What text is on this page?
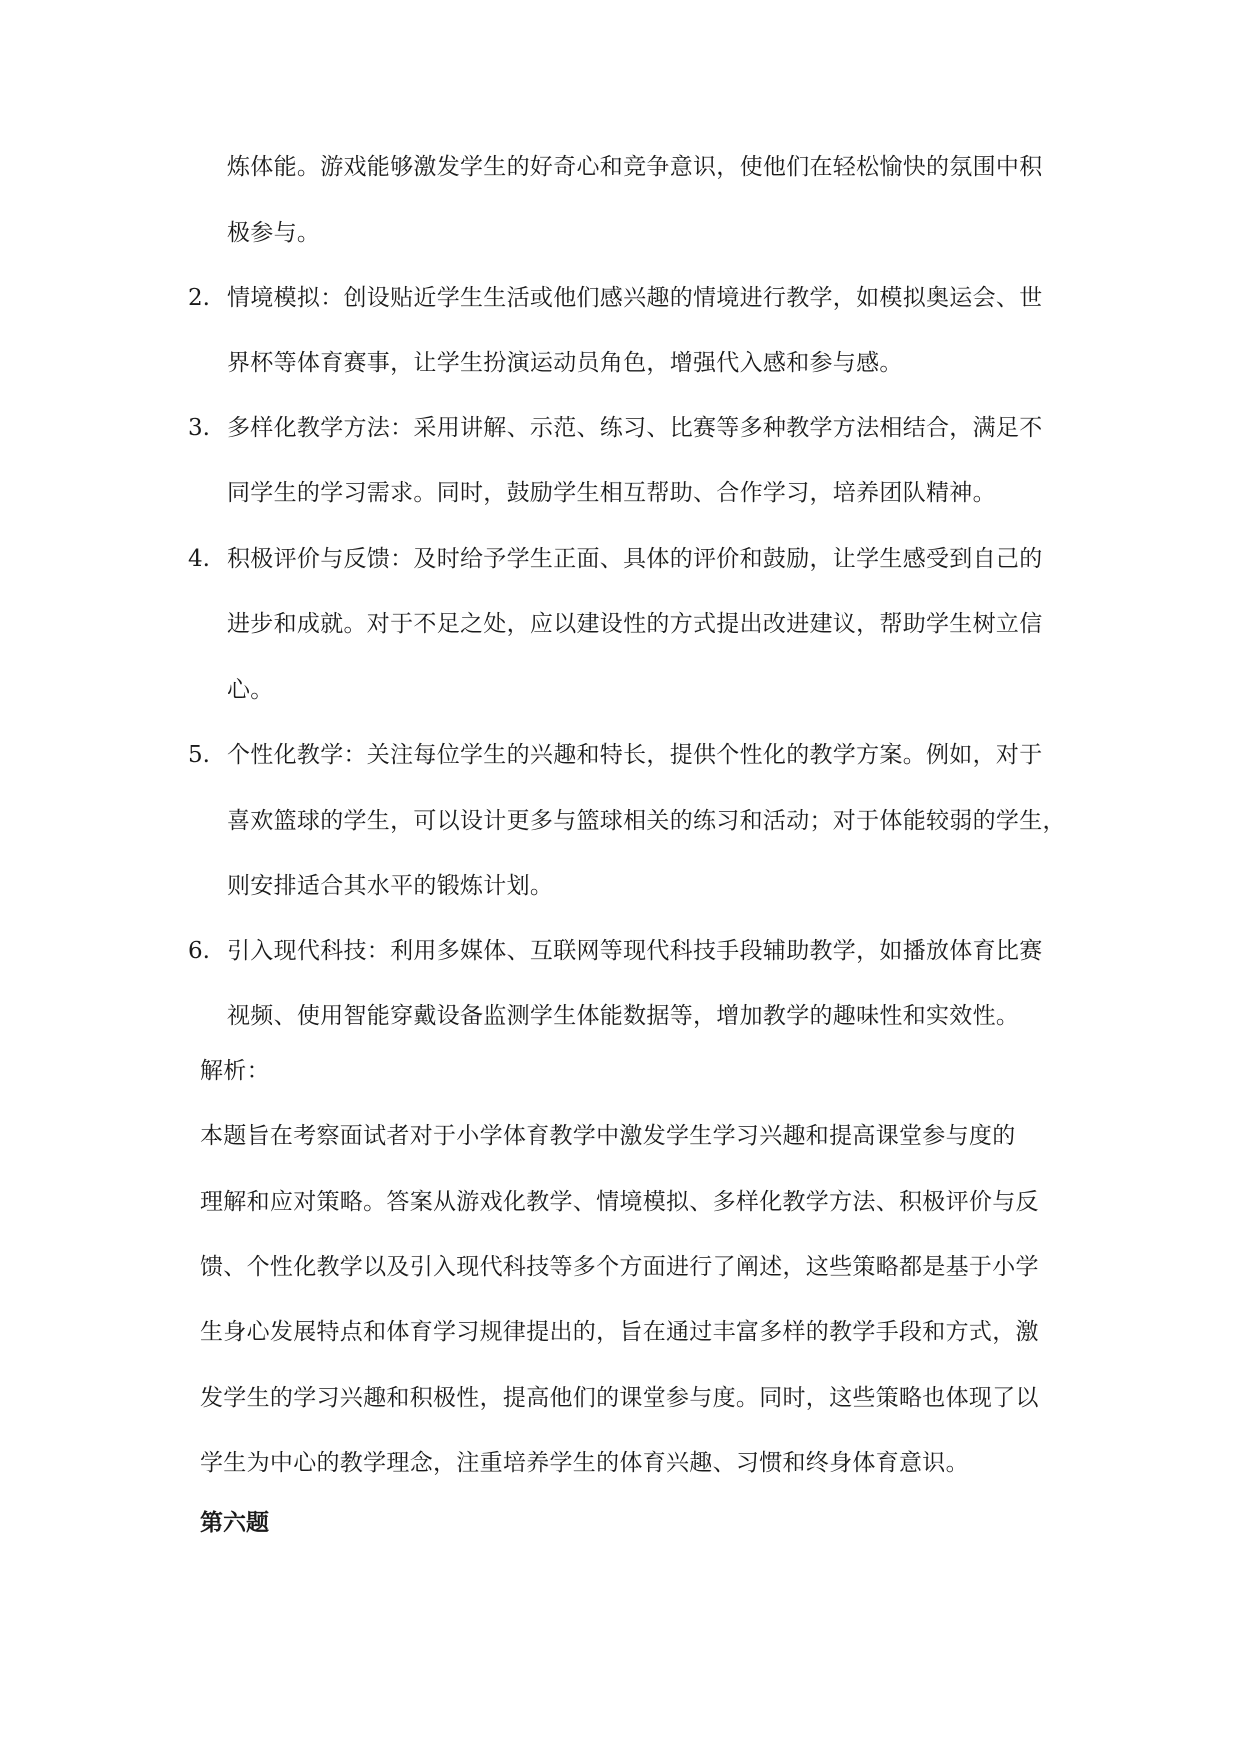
炼体能。游戏能够激发学生的好奇心和竞争意识，使他们在轻松愉快的氛围中积
极参与。
2. 情境模拟：创设贴近学生生活或他们感兴趣的情境进行教学，如模拟奥运会、世
界杯等体育赛事，让学生扮演运动员角色，增强代入感和参与感。
3. 多样化教学方法：采用讲解、示范、练习、比赛等多种教学方法相结合，满足不
同学生的学习需求。同时，鼓励学生相互帮助、合作学习，培养团队精神。
4. 积极评价与反馈：及时给予学生正面、具体的评价和鼓励，让学生感受到自己的
进步和成就。对于不足之处，应以建设性的方式提出改进建议，帮助学生树立信
心。
5. 个性化教学：关注每位学生的兴趣和特长，提供个性化的教学方案。例如，对于
喜欢篮球的学生，可以设计更多与篮球相关的练习和活动；对于体能较弱的学生，
则安排适合其水平的锻炼计划。
6. 引入现代科技：利用多媒体、互联网等现代科技手段辅助教学，如播放体育比赛
视频、使用智能穿戴设备监测学生体能数据等，增加教学的趣味性和实效性。
解析：
本题旨在考察面试者对于小学体育教学中激发学生学习兴趣和提高课堂参与度的
理解和应对策略。答案从游戏化教学、情境模拟、多样化教学方法、积极评价与反
馈、个性化教学以及引入现代科技等多个方面进行了阐述，这些策略都是基于小学
生身心发展特点和体育学习规律提出的，旨在通过丰富多样的教学手段和方式，激
发学生的学习兴趣和积极性，提高他们的课堂参与度。同时，这些策略也体现了以
学生为中心的教学理念，注重培养学生的体育兴趣、习惯和终身体育意识。
第六题
